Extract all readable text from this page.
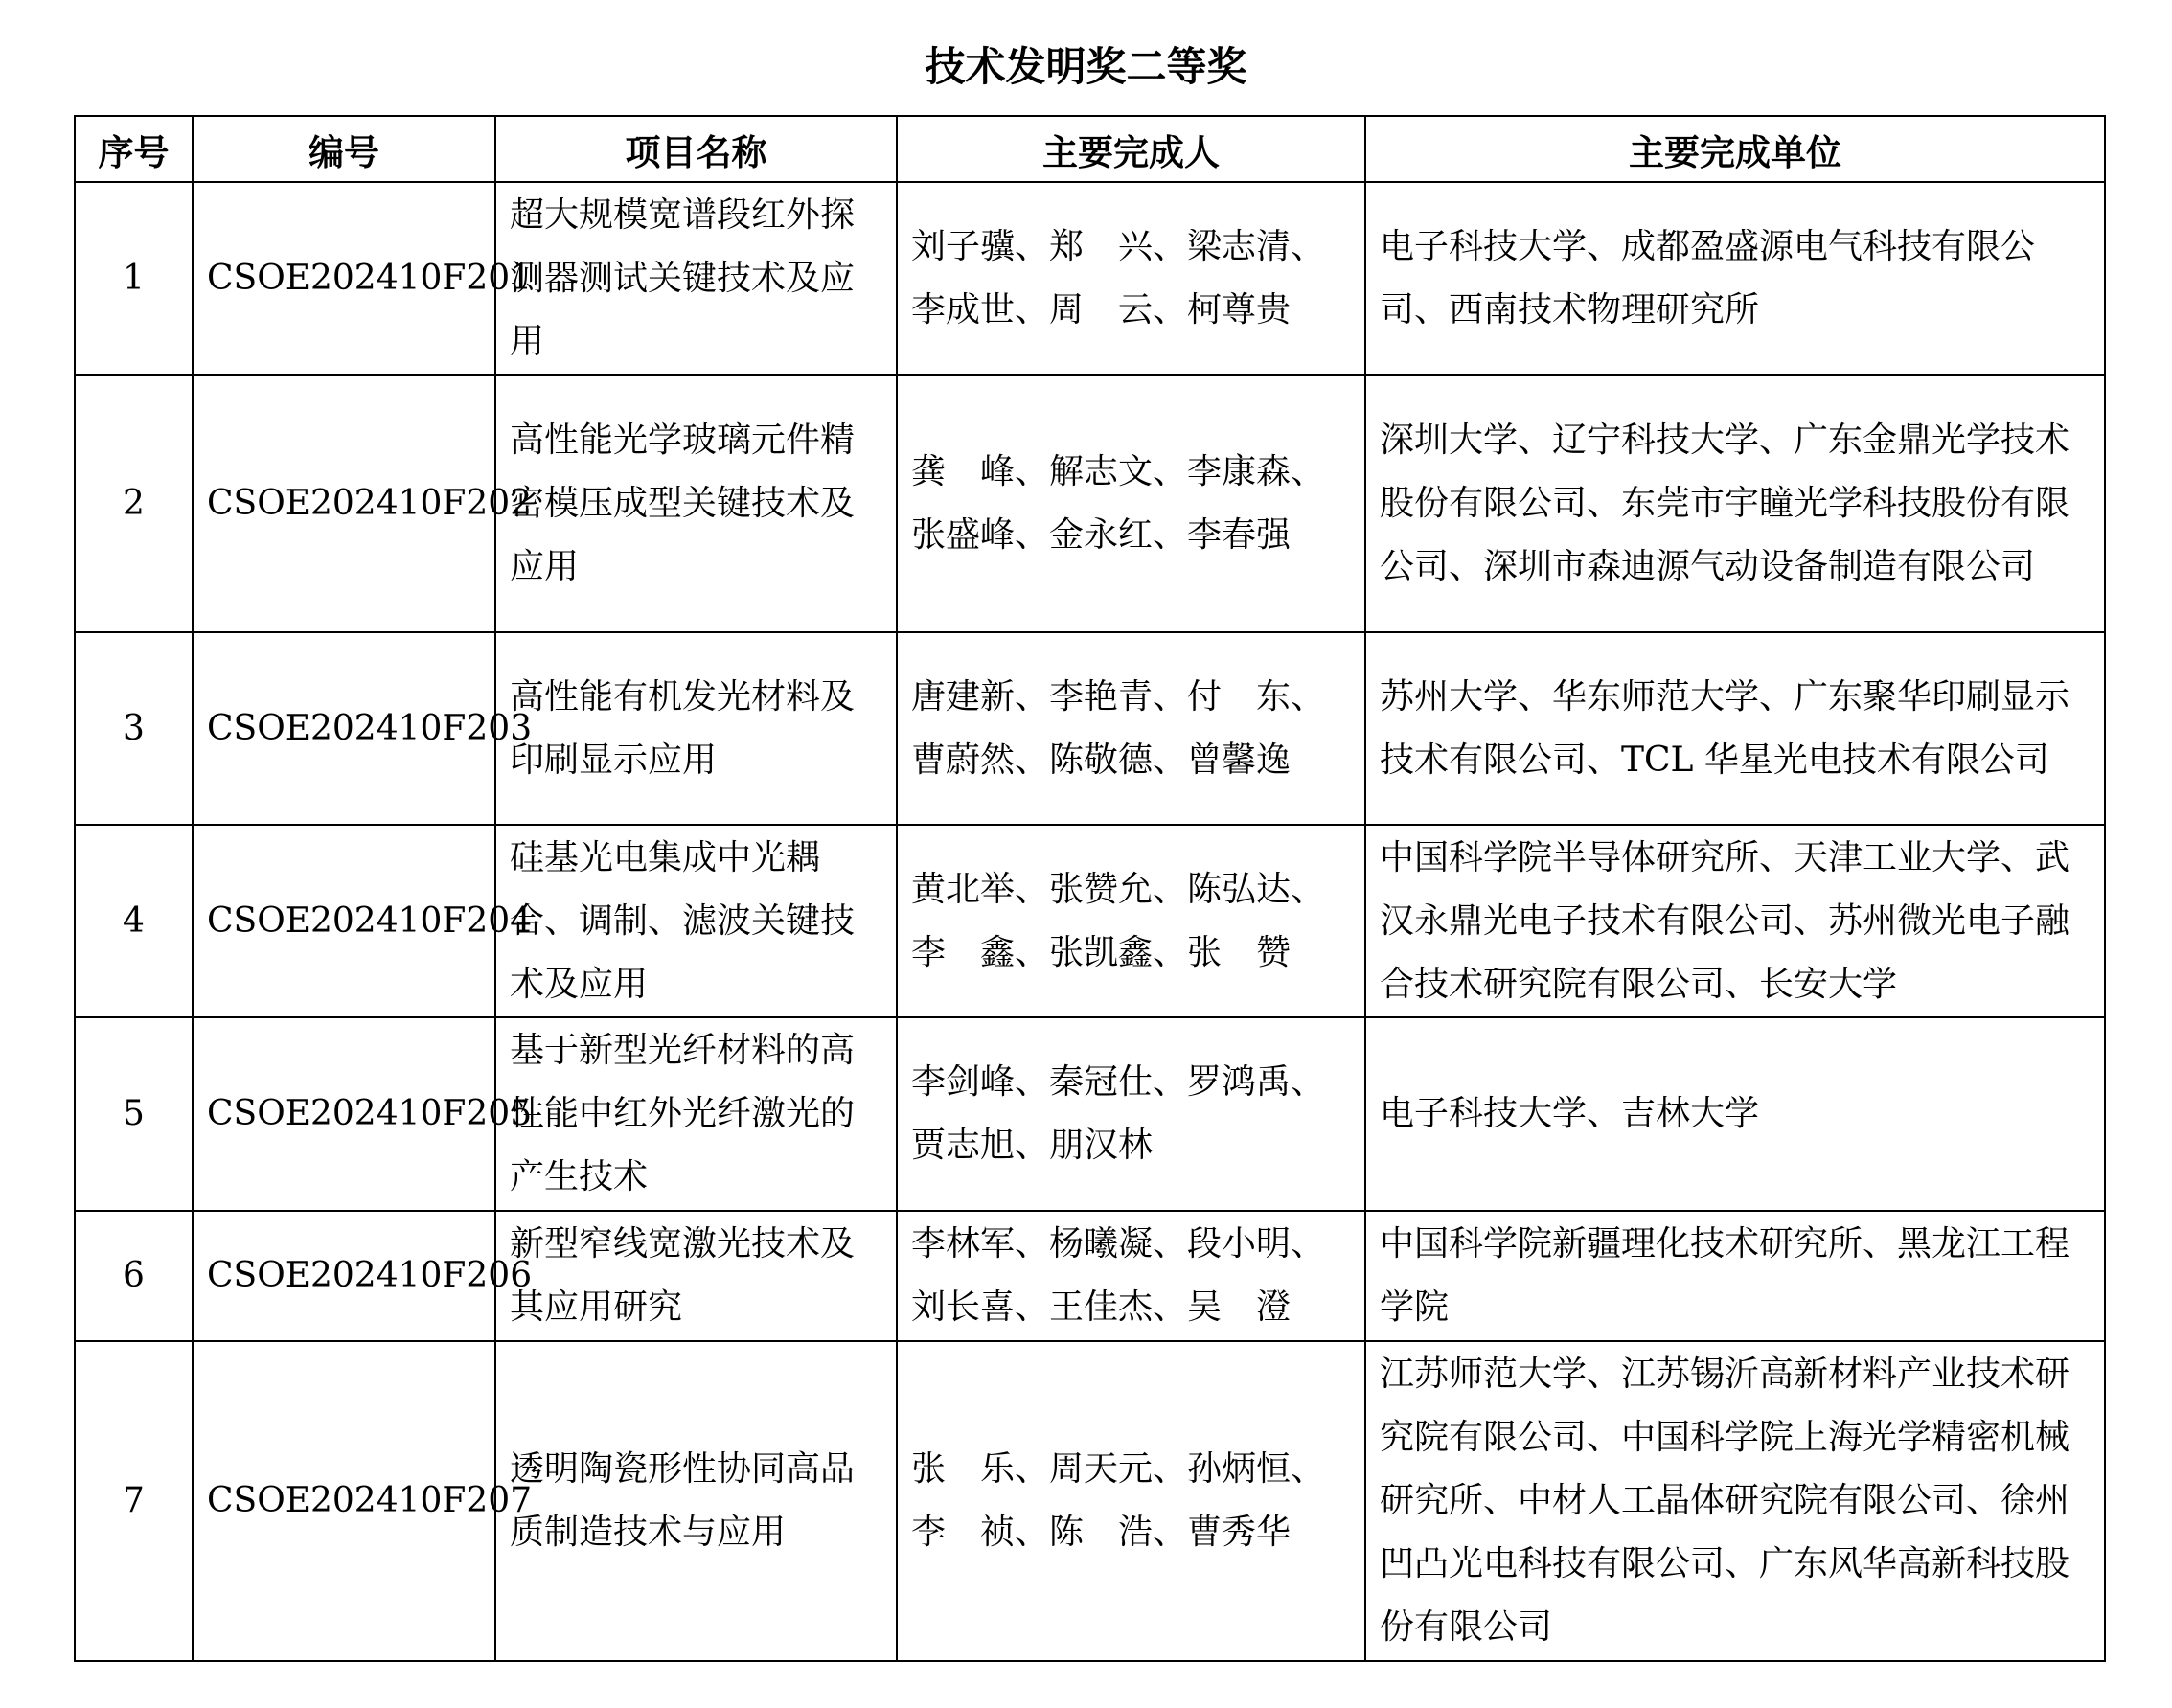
技术发明奖二等奖
序号	编号	项目名称	主要完成人	主要完成单位
1	CSOE202410F201	超大规模宽谱段红外探测器测试关键技术及应用	刘子骥、郑　兴、梁志清、李成世、周　云、柯尊贵	电子科技大学、成都盈盛源电气科技有限公司、西南技术物理研究所
2	CSOE202410F202	高性能光学玻璃元件精密模压成型关键技术及应用	龚　峰、解志文、李康森、张盛峰、金永红、李春强	深圳大学、辽宁科技大学、广东金鼎光学技术股份有限公司、东莞市宇瞳光学科技股份有限公司、深圳市森迪源气动设备制造有限公司
3	CSOE202410F203	高性能有机发光材料及印刷显示应用	唐建新、李艳青、付　东、曹蔚然、陈敬德、曾馨逸	苏州大学、华东师范大学、广东聚华印刷显示技术有限公司、TCL 华星光电技术有限公司
4	CSOE202410F204	硅基光电集成中光耦合、调制、滤波关键技术及应用	黄北举、张赞允、陈弘达、李　鑫、张凯鑫、张　赞	中国科学院半导体研究所、天津工业大学、武汉永鼎光电子技术有限公司、苏州微光电子融合技术研究院有限公司、长安大学
5	CSOE202410F205	基于新型光纤材料的高性能中红外光纤激光的产生技术	李剑峰、秦冠仕、罗鸿禹、贾志旭、朋汉林	电子科技大学、吉林大学
6	CSOE202410F206	新型窄线宽激光技术及其应用研究	李林军、杨曦凝、段小明、刘长喜、王佳杰、吴　澄	中国科学院新疆理化技术研究所、黑龙江工程学院
7	CSOE202410F207	透明陶瓷形性协同高品质制造技术与应用	张　乐、周天元、孙炳恒、李　祯、陈　浩、曹秀华	江苏师范大学、江苏锡沂高新材料产业技术研究院有限公司、中国科学院上海光学精密机械研究所、中材人工晶体研究院有限公司、徐州凹凸光电科技有限公司、广东风华高新科技股份有限公司
